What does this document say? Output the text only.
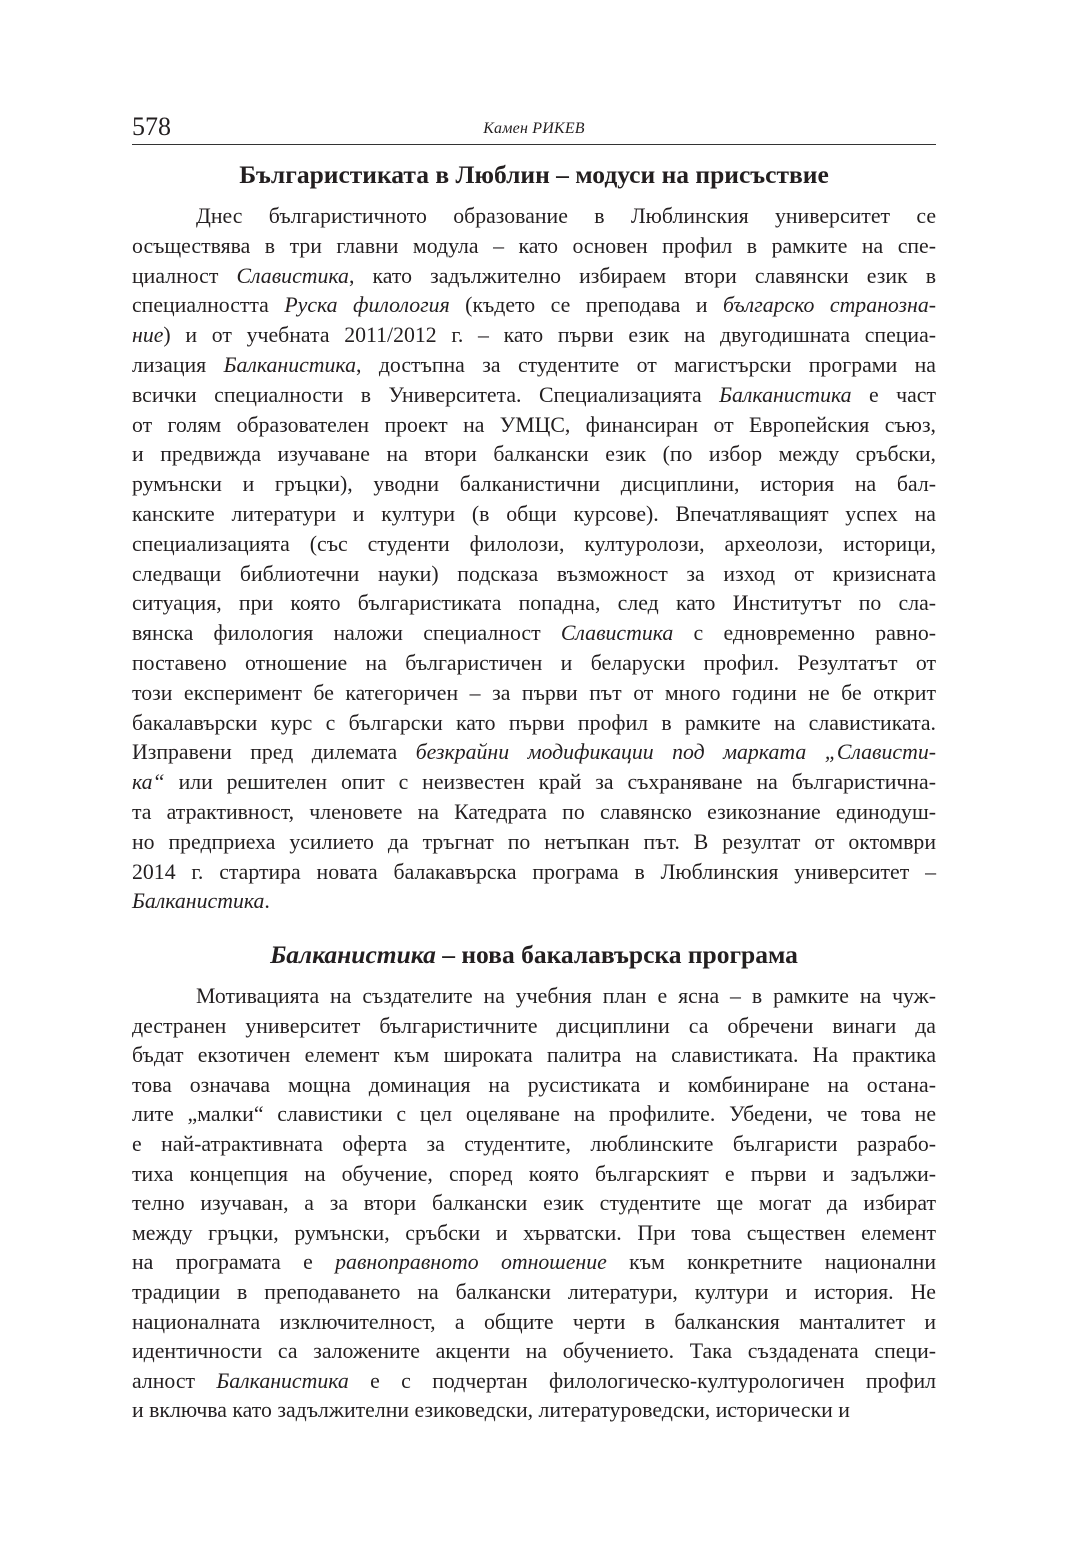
578	Камен РИКЕВ
Българистиката в Люблин – модуси на присъствие
Днес българистичното образование в Люблинския университет се
осъществява в три главни модула – като основен профил в рамките на спе-
циалност Славистика, като задължително избираем втори славянски език в
специалността Руска филология (където се преподава и българско странозна-
ние) и от учебната 2011/2012 г. – като първи език на двугодишната специа-
лизация Балканистика, достъпна за студентите от магистърски програми на
всички специалности в Университета. Специализацията Балканистика е част
от голям образователен проект на УМЦС, финансиран от Европейския съюз,
и предвижда изучаване на втори балкански език (по избор между сръбски,
румънски и гръцки), уводни балканистични дисциплини, история на бал-
канските литератури и култури (в общи курсове). Впечатляващият успех на
специализацията (със студенти филолози, културолози, археолози, историци,
следващи библиотечни науки) подсказа възможност за изход от кризисната
ситуация, при която българистиката попадна, след като Институтът по сла-
вянска филология наложи специалност Славистика с едновременно равно-
поставено отношение на българистичен и беларуски профил. Резултатът от
този експеримент бе категоричен – за първи път от много години не бе открит
бакалавърски курс с български като първи профил в рамките на славистиката.
Изправени пред дилемата безкрайни модификации под марката „Слависти-
ка“ или решителен опит с неизвестен край за съхраняване на българистична-
та атрактивност, членовете на Катедрата по славянско езикознание единодуш-
но предприеха усилието да тръгнат по нетъпкан път. В резултат от октомври
2014 г. стартира новата балакавърска програма в Люблинския университет –
Балканистика.
Балканистика – нова бакалавърска програма
Мотивацията на създателите на учебния план е ясна – в рамките на чуж-
дестранен университет българистичните дисциплини са обречени винаги да
бъдат екзотичен елемент към широката палитра на славистиката. На практика
това означава мощна доминация на русистиката и комбиниране на останa-
лите „малки“ славистики с цел оцеляване на профилите. Убедени, че това не
е най-атрактивната оферта за студентите, люблинските българисти разрабо-
тиха концепция на обучение, според която българският е първи и задължи-
телно изучаван, а за втори балкански език студентите ще могат да избират
между гръцки, румънски, сръбски и хърватски. При това съществен елемент
на програмата е равноправното отношение към конкретните национални
традиции в преподаването на балкански литератури, култури и история. Не
националната изключителност, а общите черти в балканския манталитет и
идентичности са заложените акценти на обучението. Така създадената специ-
алност Балканистика е с подчертан филологическо-културологичен профил
и включва като задължителни езиковедски, литературоведски, исторически и
